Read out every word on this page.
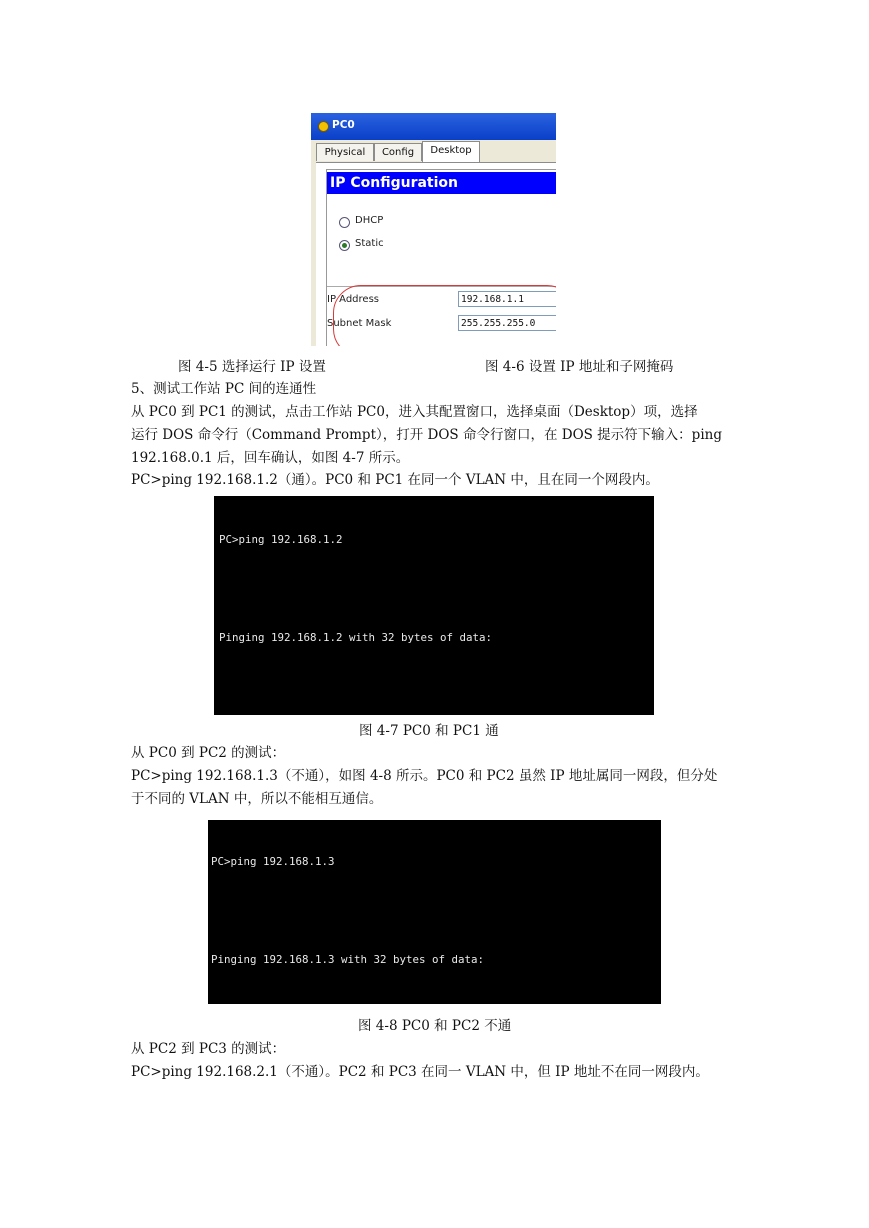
PC0
Physical	Config	Desktop
IP Configuration
DHCP
Static
IP Address	192.168.1.1
Subnet Mask	255.255.255.0
图 4-5 选择运行 IP 设置	图 4-6 设置 IP 地址和子网掩码
5、测试工作站 PC 间的连通性
从 PC0 到 PC1 的测试，点击工作站 PC0，进入其配置窗口，选择桌面（Desktop）项，选择
运行 DOS 命令行（Command Prompt），打开 DOS 命令行窗口，在 DOS 提示符下输入：ping
192.168.0.1 后，回车确认，如图 4-7 所示。
PC>ping 192.168.1.2（通）。PC0 和 PC1 在同一个 VLAN 中，且在同一个网段内。

PC>ping 192.168.1.2

Pinging 192.168.1.2 with 32 bytes of data:

图 4-7 PC0 和 PC1 通
从 PC0 到 PC2 的测试：
PC>ping 192.168.1.3（不通），如图 4-8 所示。PC0 和 PC2 虽然 IP 地址属同一网段，但分处
于不同的 VLAN 中，所以不能相互通信。

PC>ping 192.168.1.3

Pinging 192.168.1.3 with 32 bytes of data:

图 4-8 PC0 和 PC2 不通
从 PC2 到 PC3 的测试：
PC>ping 192.168.2.1（不通）。PC2 和 PC3 在同一 VLAN 中，但 IP 地址不在同一网段内。
